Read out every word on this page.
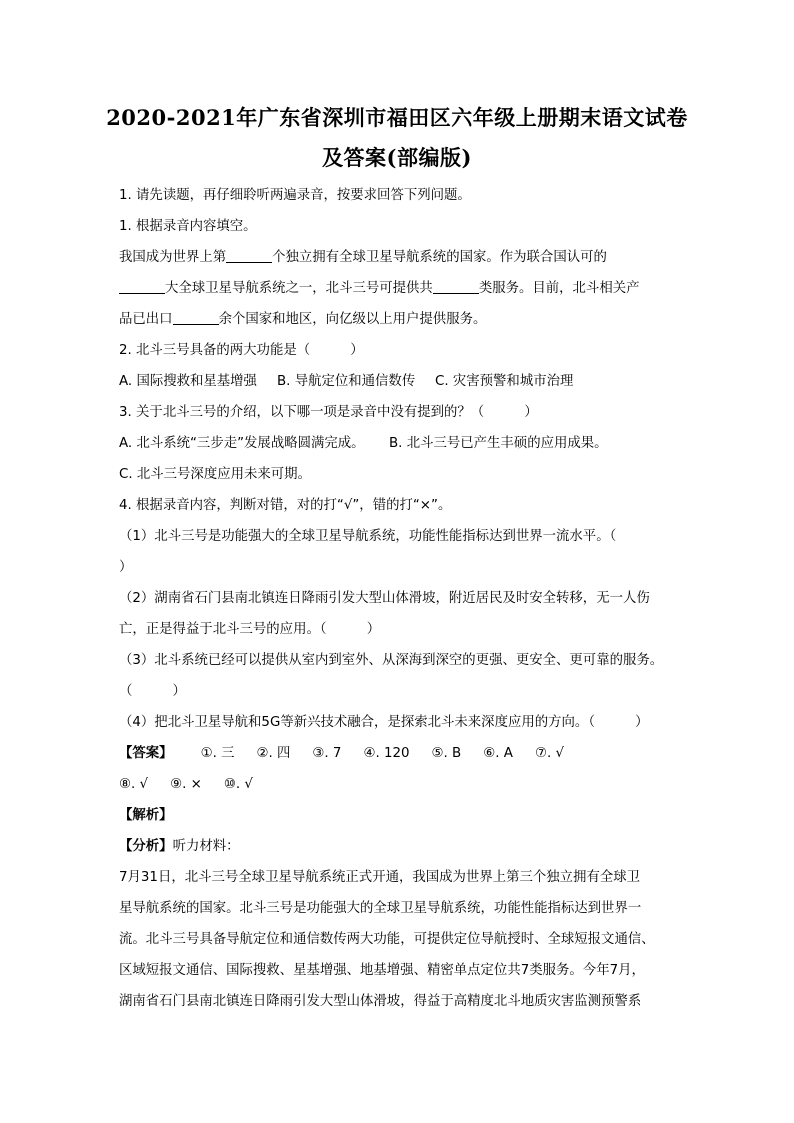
2020-2021年广东省深圳市福田区六年级上册期末语文试卷
及答案(部编版)
1. 请先读题，再仔细聆听两遍录音，按要求回答下列问题。
1. 根据录音内容填空。
我国成为世界上第	个独立拥有全球卫星导航系统的国家。作为联合国认可的
大全球卫星导航系统之一，北斗三号可提供共	类服务。目前，北斗相关产
品已出口	余个国家和地区，向亿级以上用户提供服务。
2. 北斗三号具备的两大功能是（　　　）
A. 国际搜救和星基增强 B. 导航定位和通信数传 C. 灾害预警和城市治理
3. 关于北斗三号的介绍，以下哪一项是录音中没有提到的？（　　　）
A. 北斗系统“三步走”发展战略圆满完成。 B. 北斗三号已产生丰硕的应用成果。
C. 北斗三号深度应用未来可期。
4. 根据录音内容，判断对错，对的打“√”，错的打“×”。
（1）北斗三号是功能强大的全球卫星导航系统，功能性能指标达到世界一流水平。（
）
（2）湖南省石门县南北镇连日降雨引发大型山体滑坡，附近居民及时安全转移，无一人伤
亡，正是得益于北斗三号的应用。（　　　）
（3）北斗系统已经可以提供从室内到室外、从深海到深空的更强、更安全、更可靠的服务。
（　　　）
（4）把北斗卫星导航和5G等新兴技术融合，是探索北斗未来深度应用的方向。（　　　）
【答案】 ①. 三 ②. 四 ③. 7 ④. 120 ⑤. B ⑥. A ⑦. √
⑧. √ ⑨. × ⑩. √
【解析】
【分析】听力材料：
7月31日，北斗三号全球卫星导航系统正式开通，我国成为世界上第三个独立拥有全球卫
星导航系统的国家。北斗三号是功能强大的全球卫星导航系统，功能性能指标达到世界一
流。北斗三号具备导航定位和通信数传两大功能，可提供定位导航授时、全球短报文通信、
区域短报文通信、国际搜救、星基增强、地基增强、精密单点定位共7类服务。今年7月，
湖南省石门县南北镇连日降雨引发大型山体滑坡，得益于高精度北斗地质灾害监测预警系
